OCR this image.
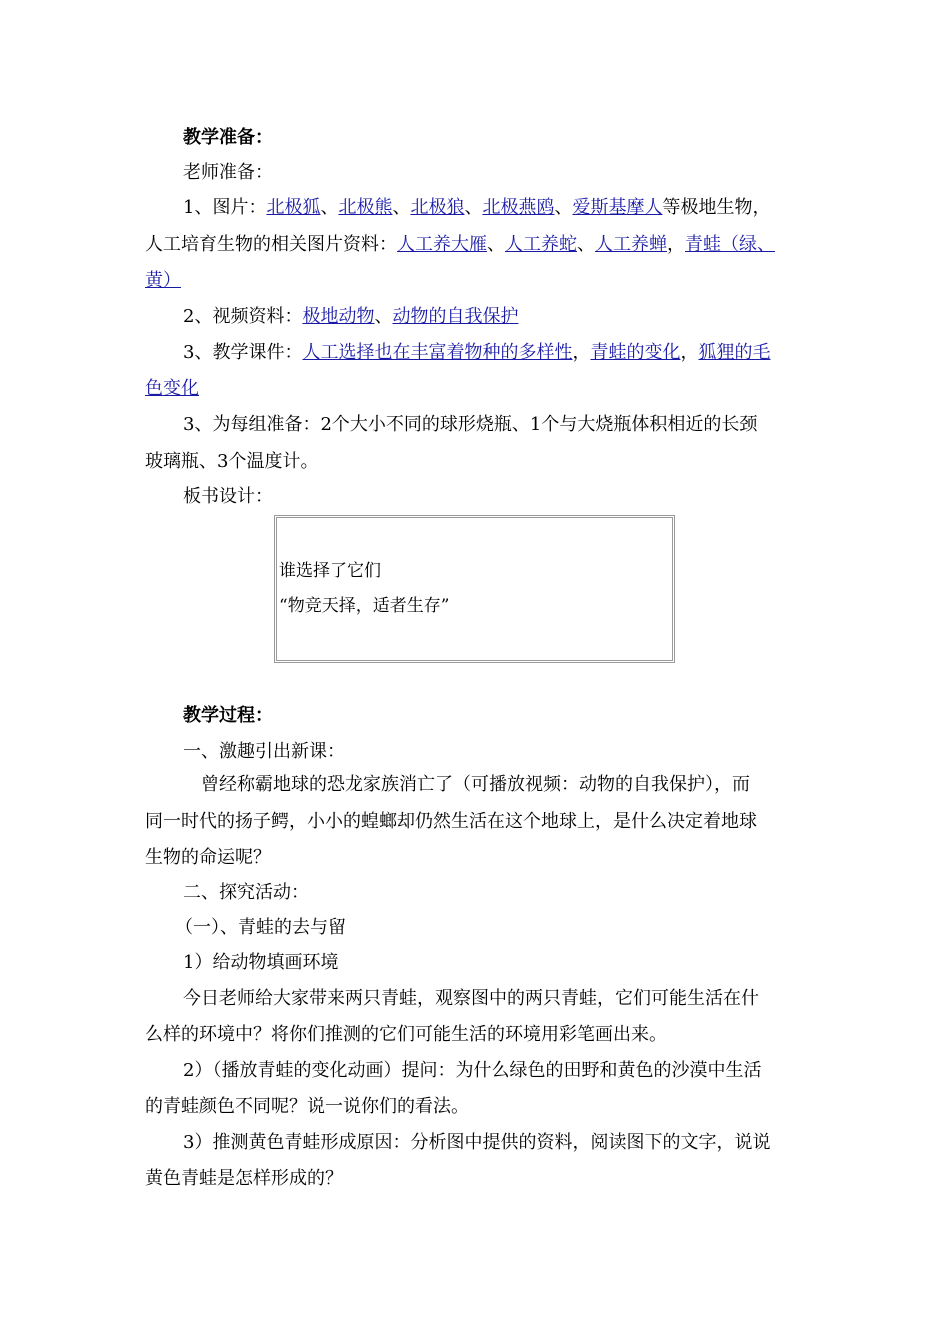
教学准备：
老师准备：
1、图片：北极狐、北极熊、北极狼、北极燕鸥、爱斯基摩人等极地生物，
人工培育生物的相关图片资料：人工养大雁、人工养蛇、人工养蝉，青蛙（绿、
黄）
2、视频资料：极地动物、动物的自我保护
3、教学课件：人工选择也在丰富着物种的多样性，青蛙的变化，狐狸的毛
色变化
3、为每组准备：2个大小不同的球形烧瓶、1个与大烧瓶体积相近的长颈
玻璃瓶、3个温度计。
板书设计：
谁选择了它们
“物竞天择，适者生存”
教学过程：
一、激趣引出新课：
曾经称霸地球的恐龙家族消亡了（可播放视频：动物的自我保护），而
同一时代的扬子鳄，小小的蝗螂却仍然生活在这个地球上，是什么决定着地球
生物的命运呢？
二、探究活动：
（一）、青蛙的去与留
1）给动物填画环境
今日老师给大家带来两只青蛙，观察图中的两只青蛙，它们可能生活在什
么样的环境中？将你们推测的它们可能生活的环境用彩笔画出来。
2）（播放青蛙的变化动画）提问：为什么绿色的田野和黄色的沙漠中生活
的青蛙颜色不同呢？说一说你们的看法。
3）推测黄色青蛙形成原因：分析图中提供的资料，阅读图下的文字，说说
黄色青蛙是怎样形成的？
